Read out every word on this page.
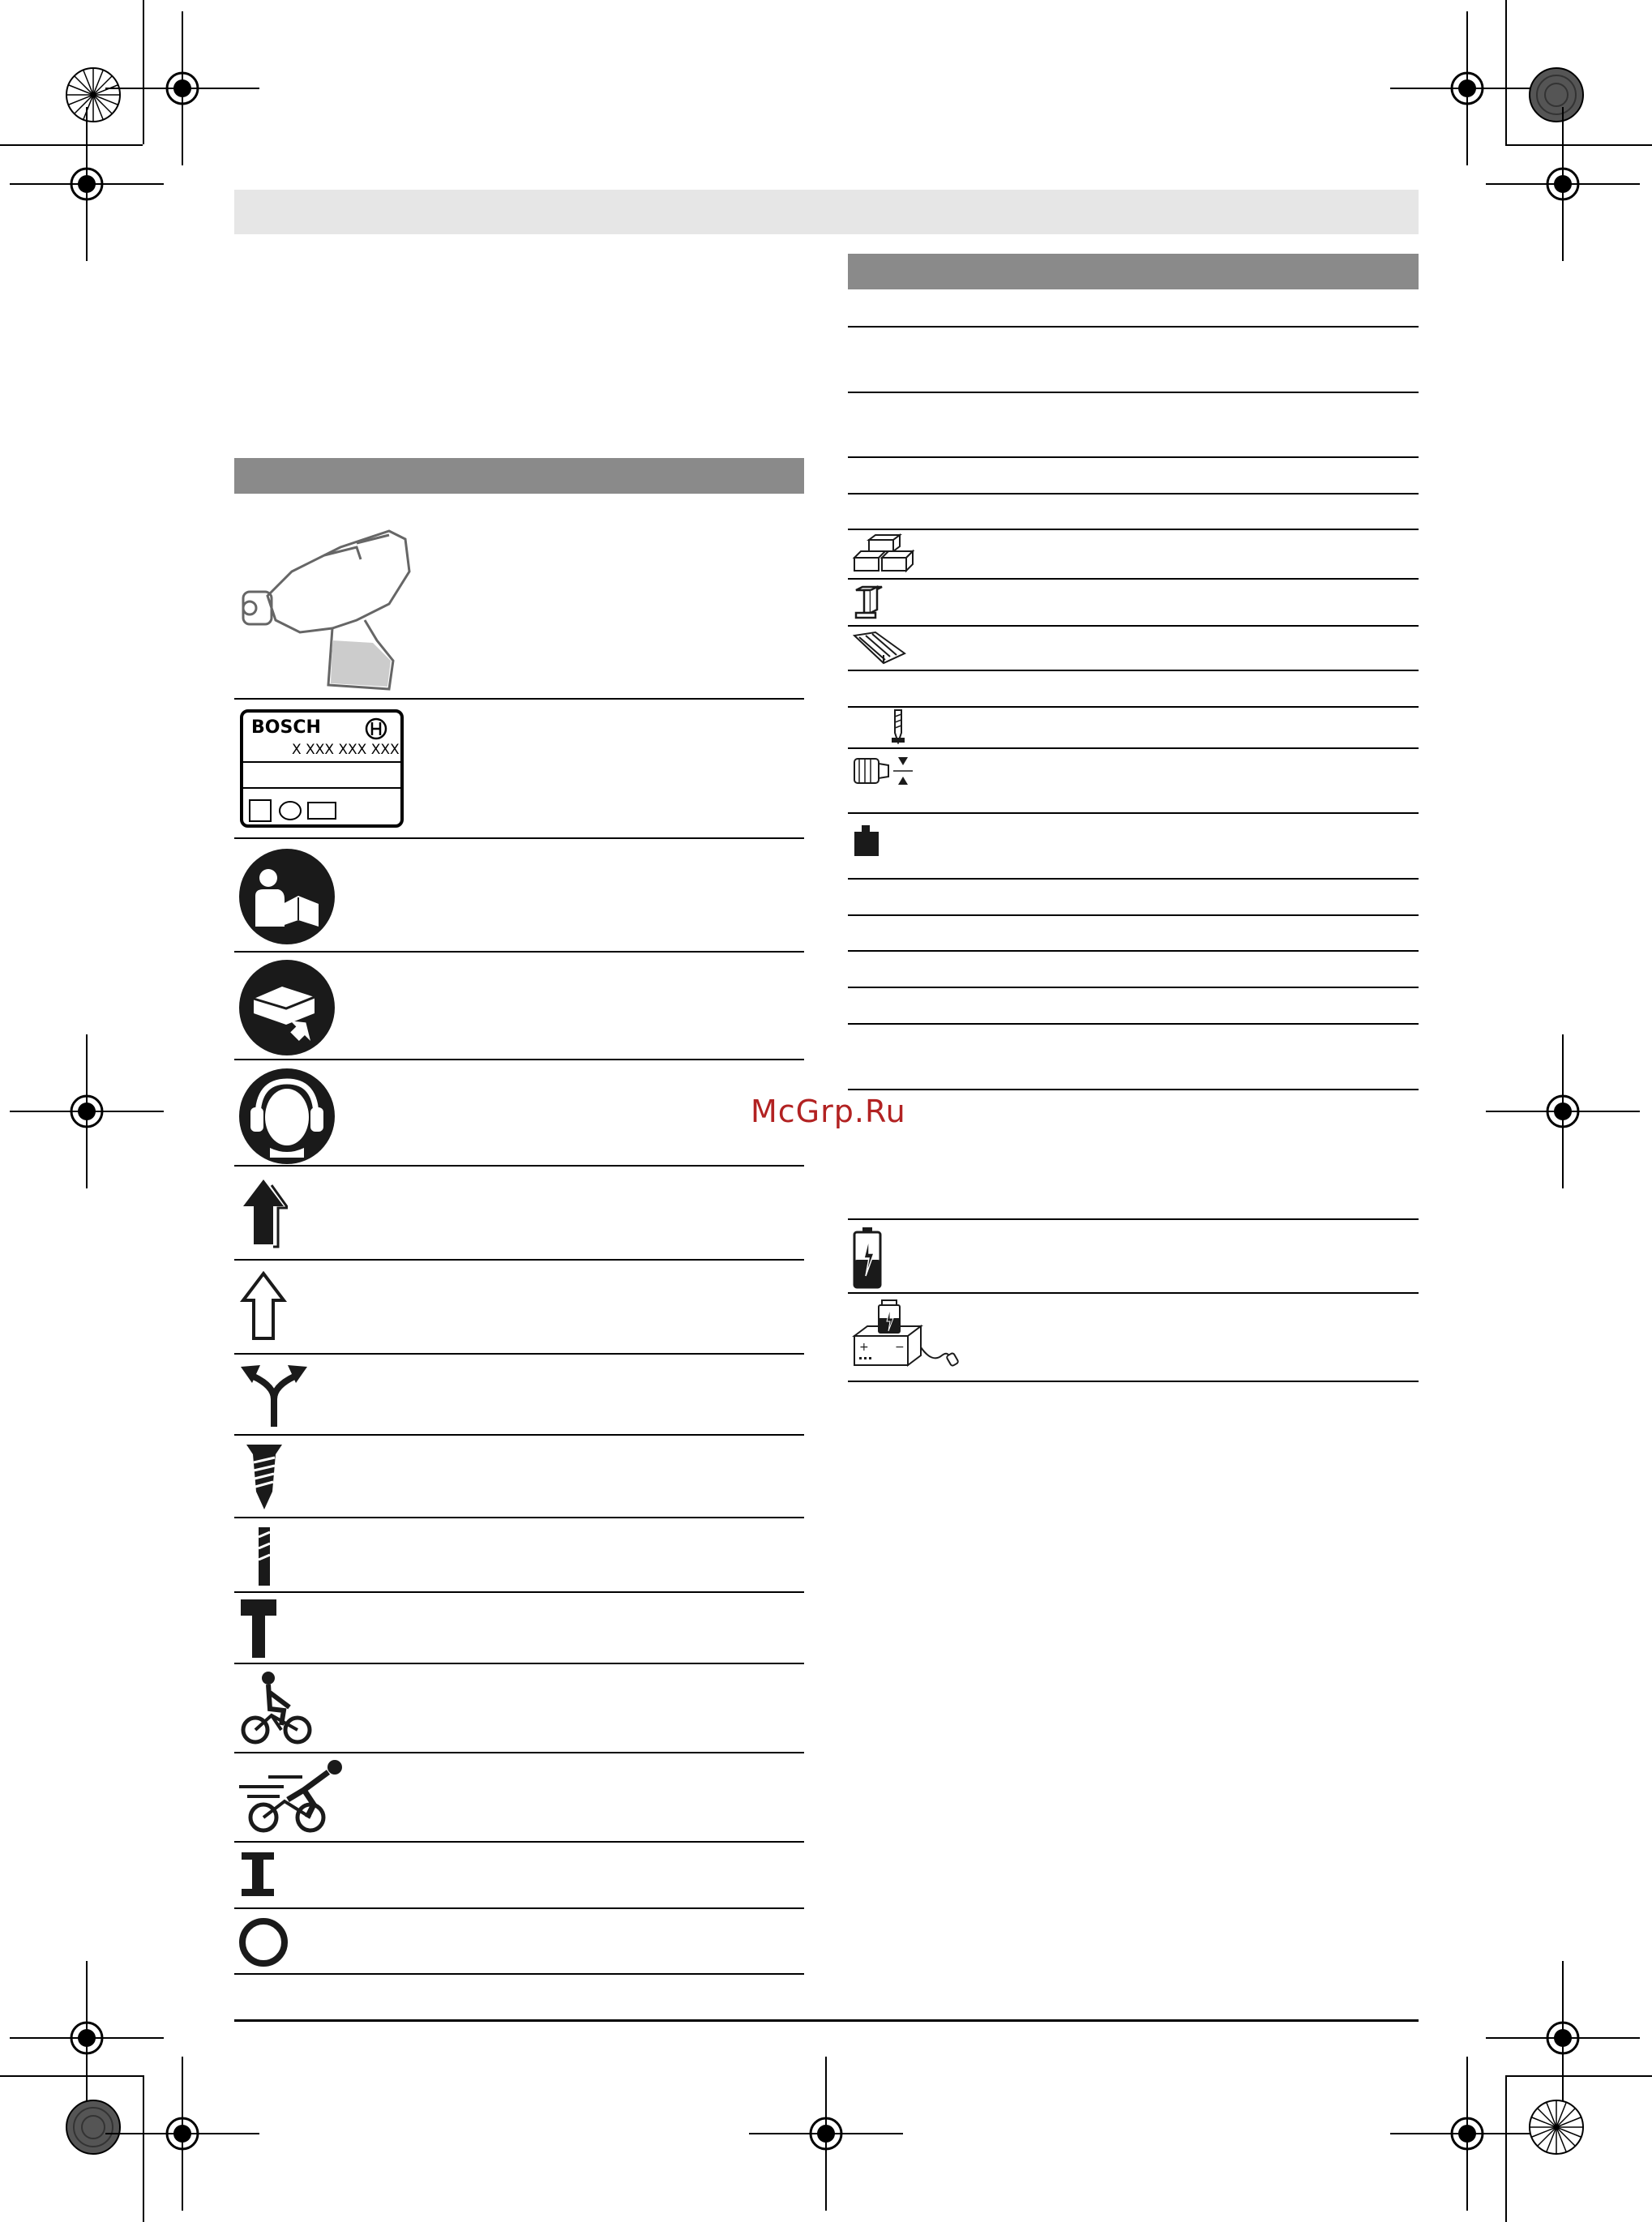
BOSCH
X XXX XXX XXX
+ −
McGrp.Ru
